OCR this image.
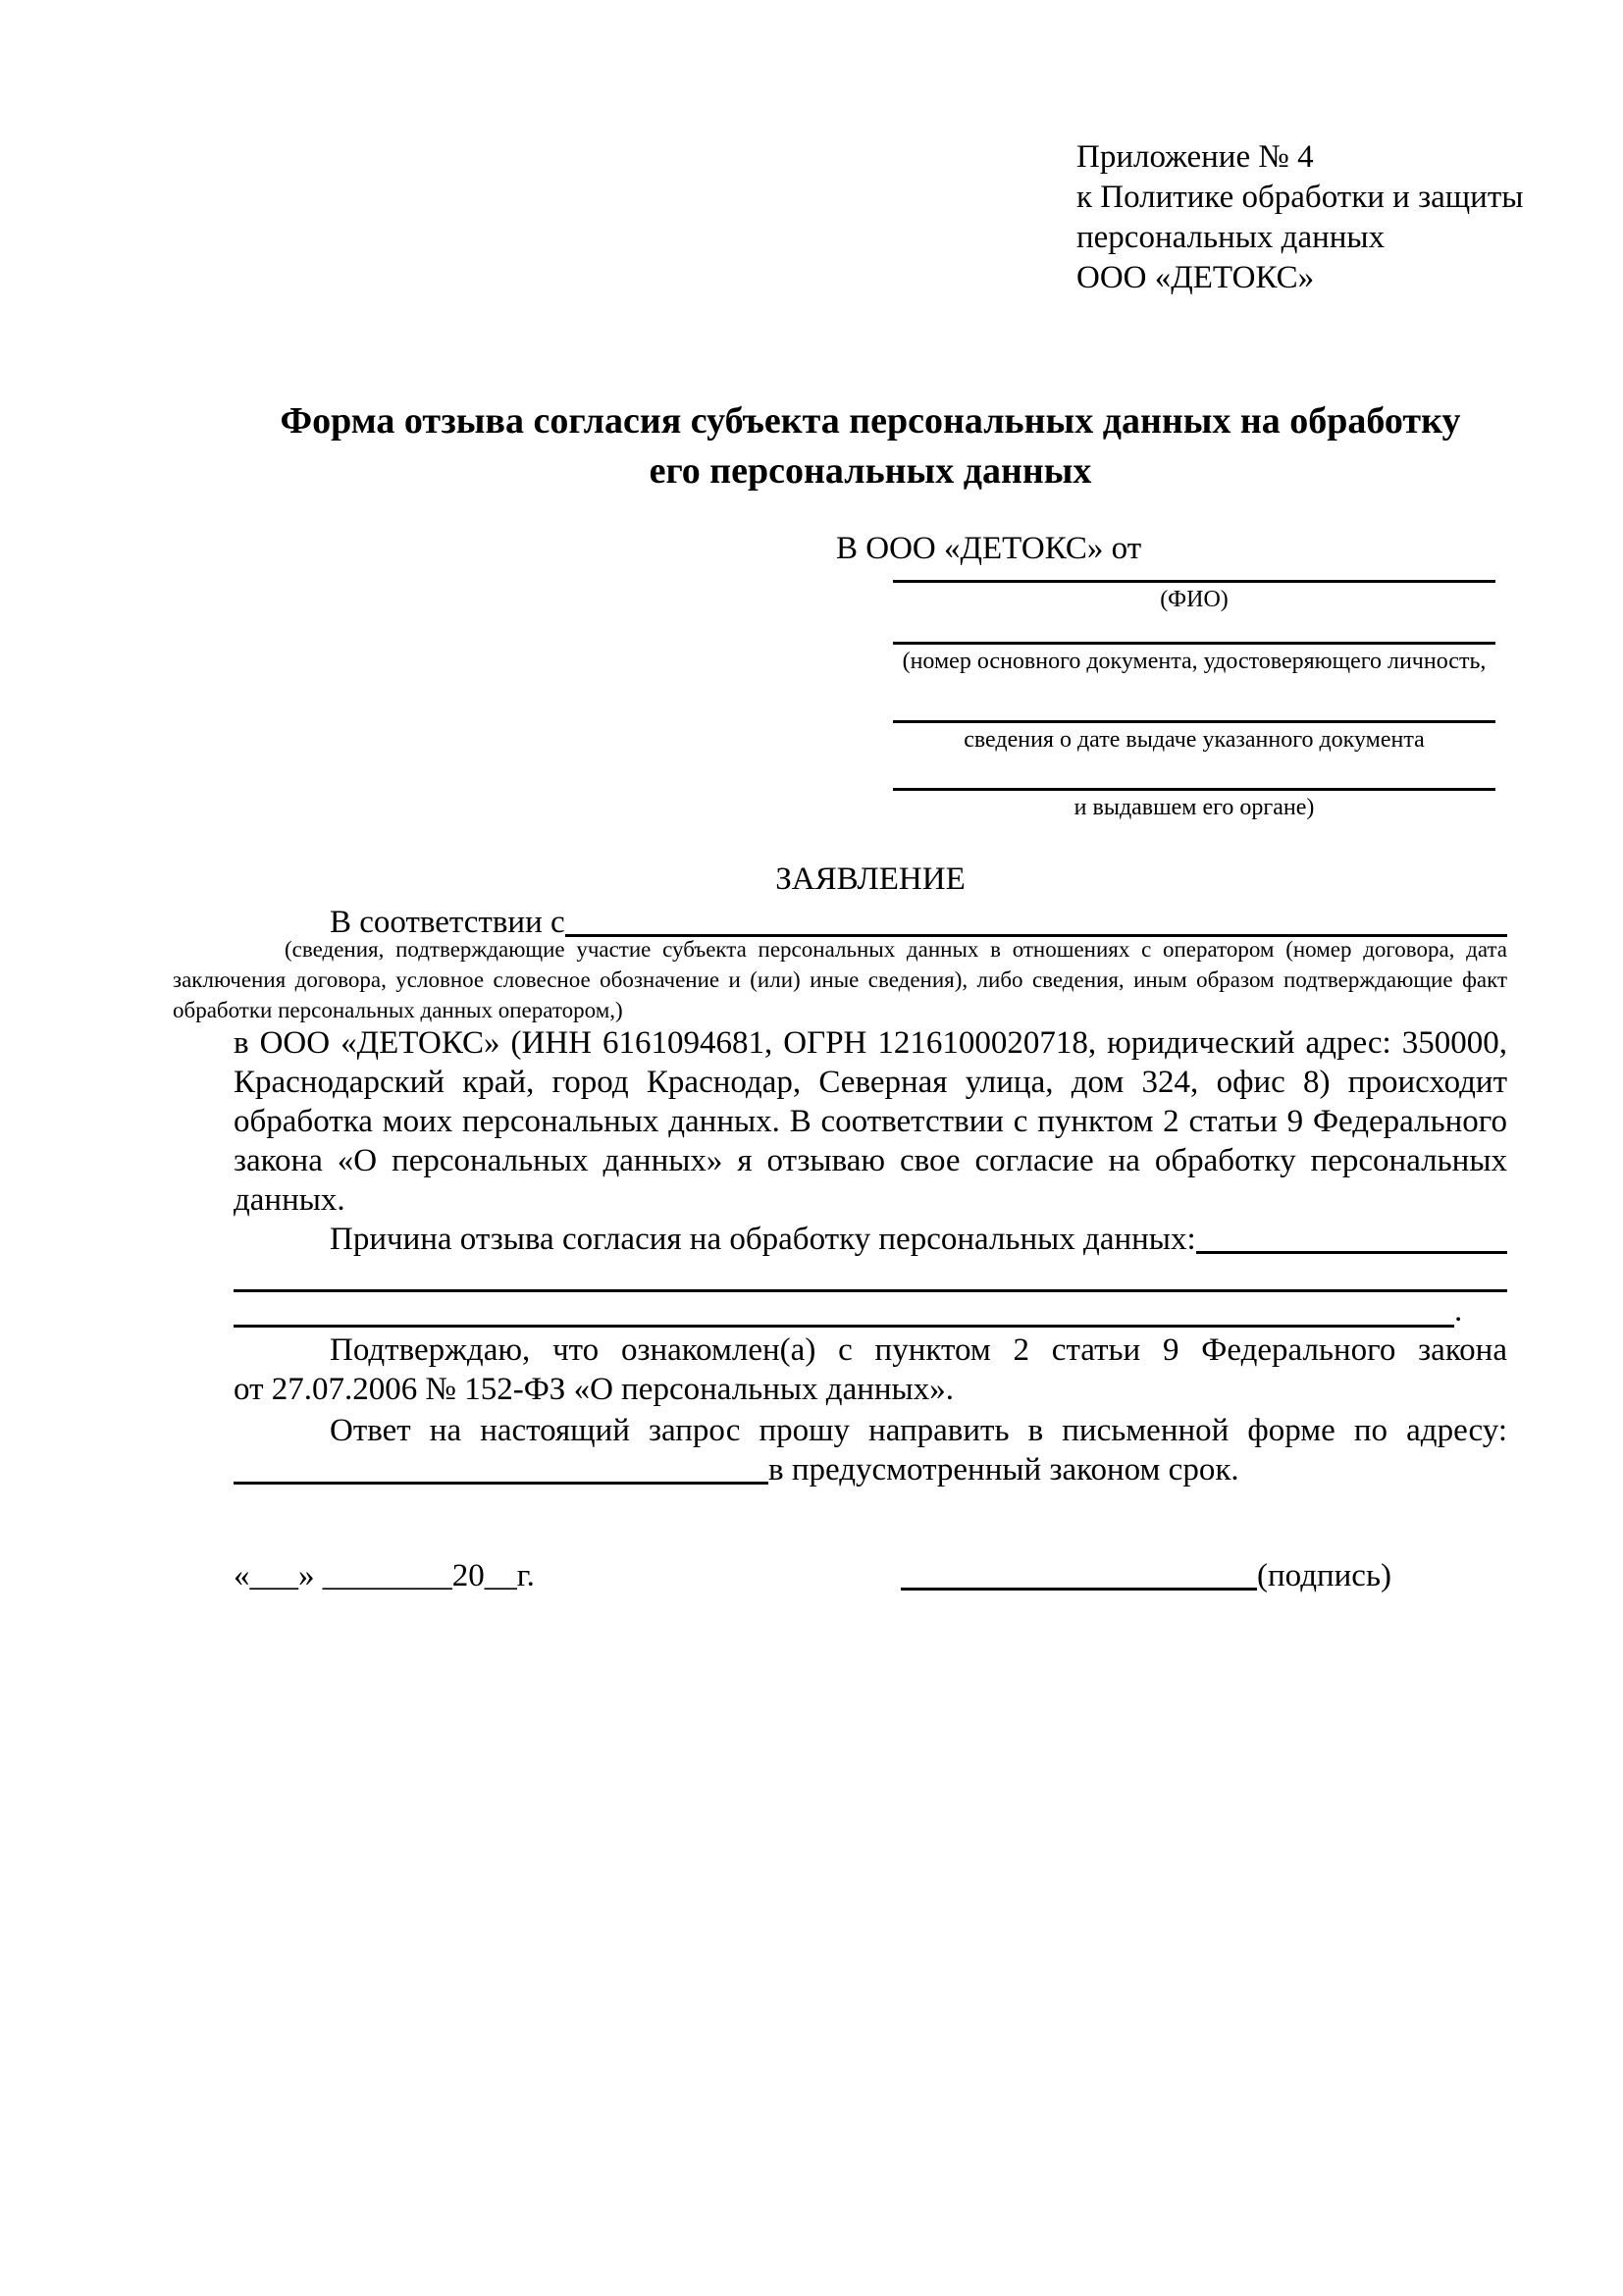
Приложение № 4
к Политике обработки и защиты
персональных данных
ООО «ДЕТОКС»
Форма отзыва согласия субъекта персональных данных на обработку
его персональных данных
В ООО «ДЕТОКС» от
(ФИО)
(номер основного документа, удостоверяющего личность,
сведения о дате выдаче указанного документа
и выдавшем его органе)
ЗАЯВЛЕНИЕ
В соответствии с
(сведения, подтверждающие участие субъекта персональных данных в отношениях с оператором (номер договора, дата
заключения договора, условное словесное обозначение и (или) иные сведения), либо сведения, иным образом подтверждающие факт
обработки персональных данных оператором,)
в ООО «ДЕТОКС» (ИНН 6161094681, ОГРН 1216100020718, юридический адрес: 350000,
Краснодарский край, город Краснодар, Северная улица, дом 324, офис 8) происходит
обработка моих персональных данных. В соответствии с пунктом 2 статьи 9 Федерального
закона «О персональных данных» я отзываю свое согласие на обработку персональных
данных.
Причина отзыва согласия на обработку персональных данных:
.
Подтверждаю, что ознакомлен(а) с пунктом 2 статьи 9 Федерального закона
от 27.07.2006 № 152-ФЗ «О персональных данных».
Ответ на настоящий запрос прошу направить в письменной форме по адресу:
в предусмотренный законом срок.
«___» ________20__г.	(подпись)
